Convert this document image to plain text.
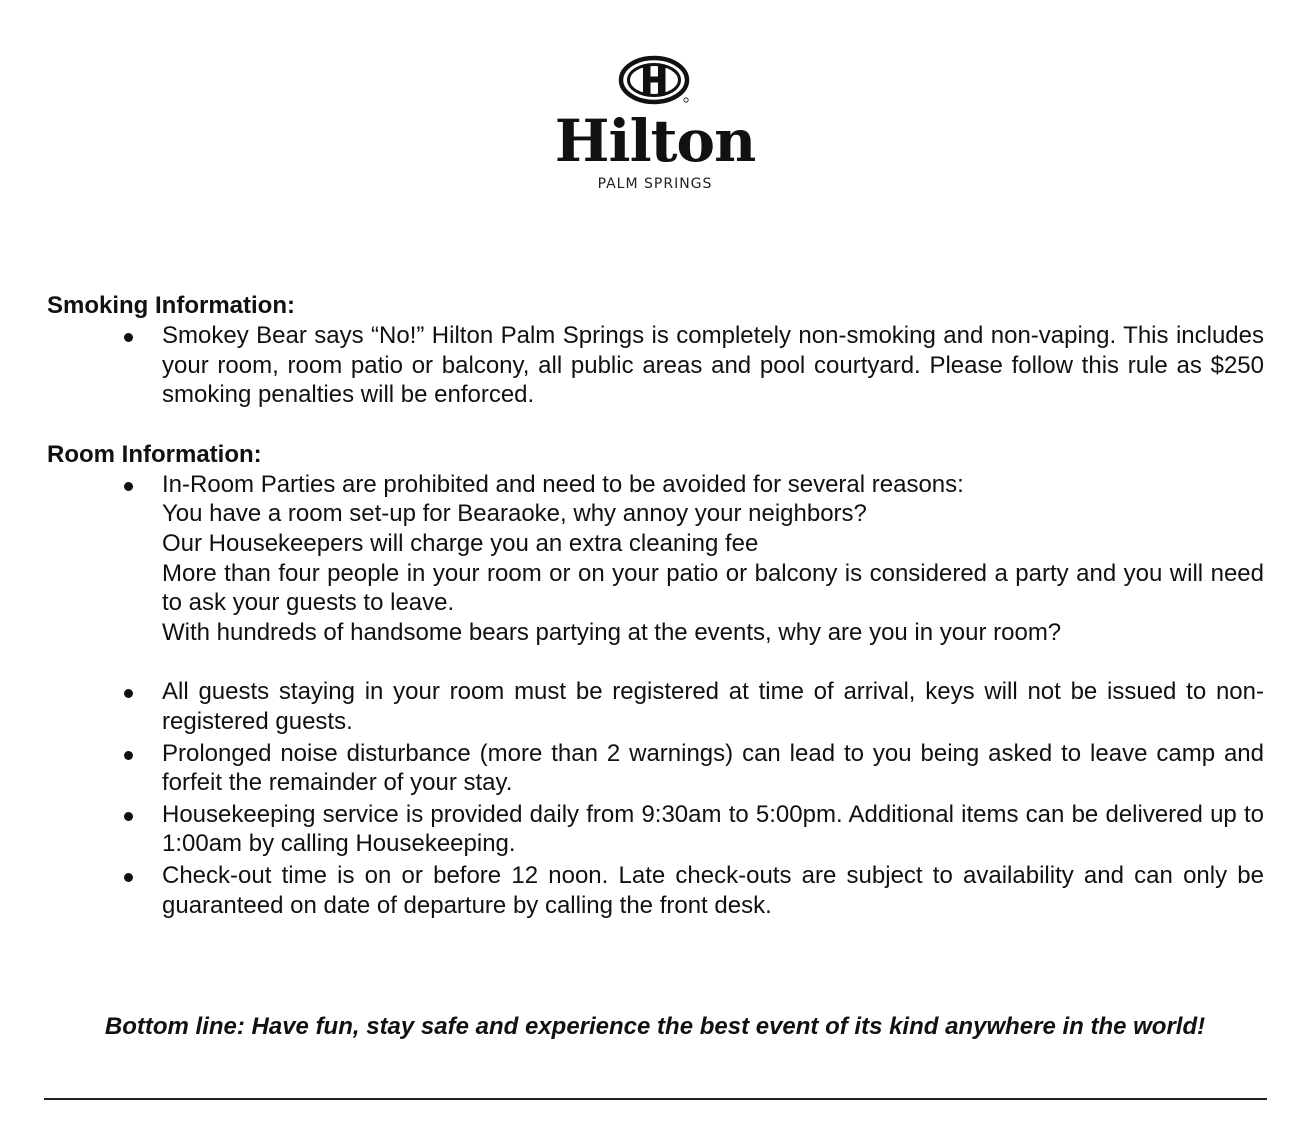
Hilton
PALM SPRINGS
Smoking Information:
Smokey Bear says “No!” Hilton Palm Springs is completely non-smoking and non-vaping. This includes your room, room patio or balcony, all public areas and pool courtyard. Please follow this rule as $250 smoking penalties will be enforced.
Room Information:
In-Room Parties are prohibited and need to be avoided for several reasons:
You have a room set-up for Bearaoke, why annoy your neighbors?
Our Housekeepers will charge you an extra cleaning fee
More than four people in your room or on your patio or balcony is considered a party and you will need to ask your guests to leave.
With hundreds of handsome bears partying at the events, why are you in your room?
All guests staying in your room must be registered at time of arrival, keys will not be issued to non-registered guests.
Prolonged noise disturbance (more than 2 warnings) can lead to you being asked to leave camp and forfeit the remainder of your stay.
Housekeeping service is provided daily from 9:30am to 5:00pm. Additional items can be delivered up to 1:00am by calling Housekeeping.
Check-out time is on or before 12 noon. Late check-outs are subject to availability and can only be guaranteed on date of departure by calling the front desk.
Bottom line: Have fun, stay safe and experience the best event of its kind anywhere in the world!
